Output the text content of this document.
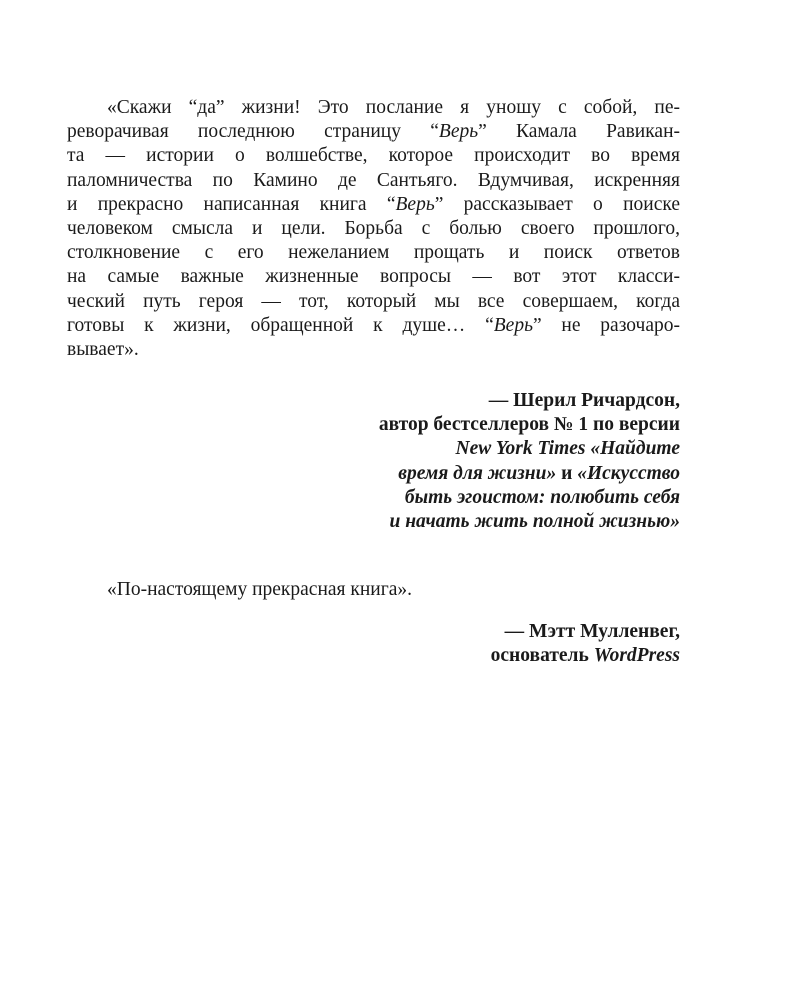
«Скажи “да” жизни! Это послание я уношу с собой, пе-
реворачивая последнюю страницу “Верь” Камала Равикан-
та — истории о волшебстве, которое происходит во время
паломничества по Камино де Сантьяго. Вдумчивая, искренняя
и прекрасно написанная книга “Верь” рассказывает о поиске
человеком смысла и цели. Борьба с болью своего прошлого,
столкновение с его нежеланием прощать и поиск ответов
на самые важные жизненные вопросы — вот этот класси-
ческий путь героя — тот, который мы все совершаем, когда
готовы к жизни, обращенной к душе… “Верь” не разочаро-
вывает».

— Шерил Ричардсон,
автор бестселлеров № 1 по версии
New York Times «Найдите
время для жизни» и «Искусство
быть эгоистом: полюбить себя
и начать жить полной жизнью»

«По-настоящему прекрасная книга».

— Мэтт Мулленвег,
основатель WordPress
